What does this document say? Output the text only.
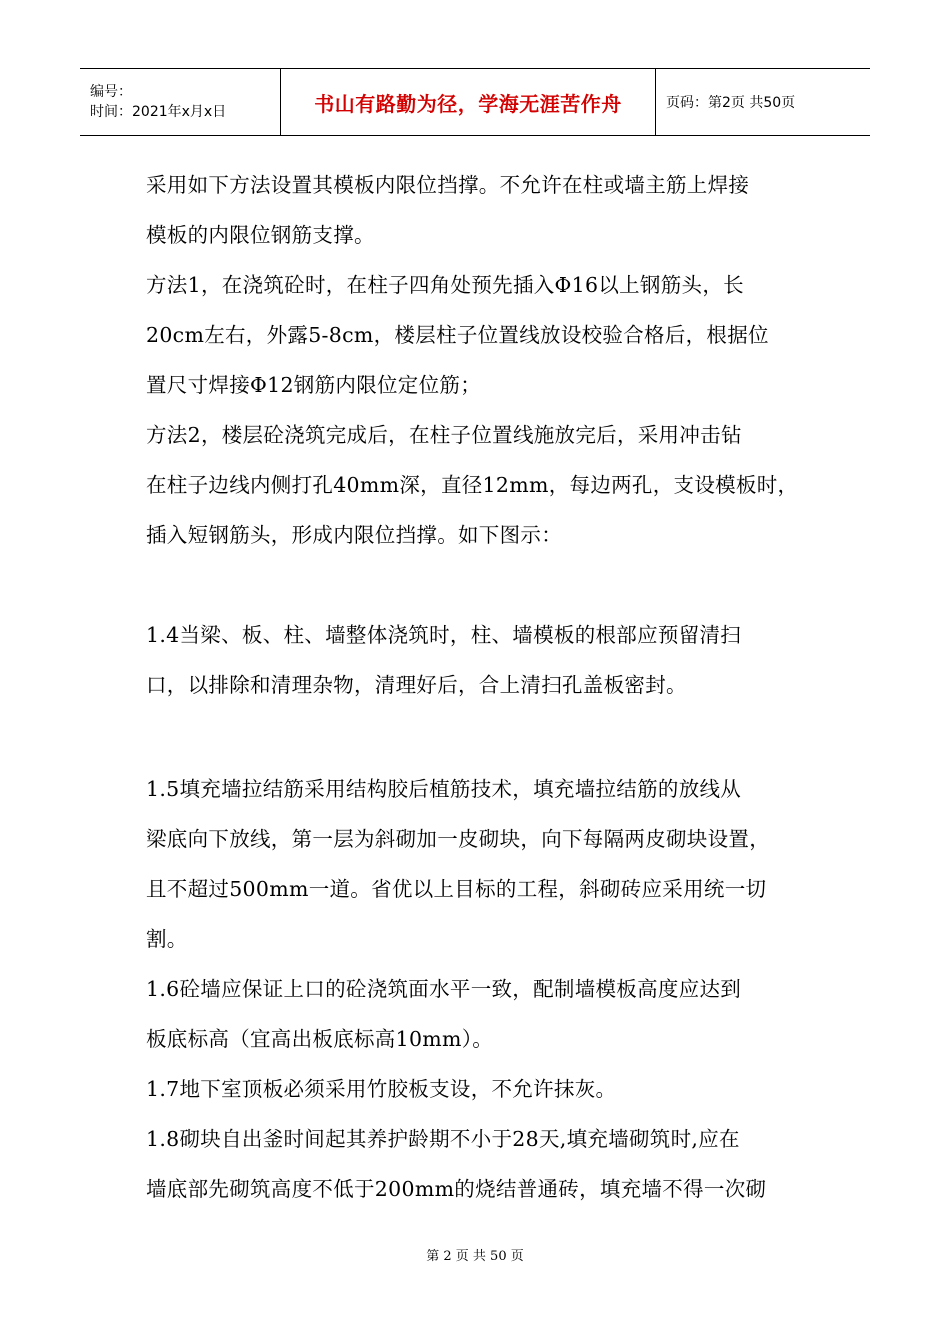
编号：
时间：2021年x月x日	书山有路勤为径，学海无涯苦作舟	页码：第2页 共50页
采用如下方法设置其模板内限位挡撑。不允许在柱或墙主筋上焊接
模板的内限位钢筋支撑。
方法1，在浇筑砼时，在柱子四角处预先插入Φ16以上钢筋头，长
20cm左右，外露5-8cm，楼层柱子位置线放设校验合格后，根据位
置尺寸焊接Φ12钢筋内限位定位筋；
方法2，楼层砼浇筑完成后，在柱子位置线施放完后，采用冲击钻
在柱子边线内侧打孔40mm深，直径12mm，每边两孔，支设模板时，
插入短钢筋头，形成内限位挡撑。如下图示：
1.4当梁、板、柱、墙整体浇筑时，柱、墙模板的根部应预留清扫
口，以排除和清理杂物，清理好后，合上清扫孔盖板密封。
1.5填充墙拉结筋采用结构胶后植筋技术，填充墙拉结筋的放线从
梁底向下放线，第一层为斜砌加一皮砌块，向下每隔两皮砌块设置，
且不超过500mm一道。省优以上目标的工程，斜砌砖应采用统一切
割。
1.6砼墙应保证上口的砼浇筑面水平一致，配制墙模板高度应达到
板底标高（宜高出板底标高10mm）。
1.7地下室顶板必须采用竹胶板支设，不允许抹灰。
1.8砌块自出釜时间起其养护龄期不小于28天,填充墙砌筑时,应在
墙底部先砌筑高度不低于200mm的烧结普通砖，填充墙不得一次砌
第 2 页 共 50 页
